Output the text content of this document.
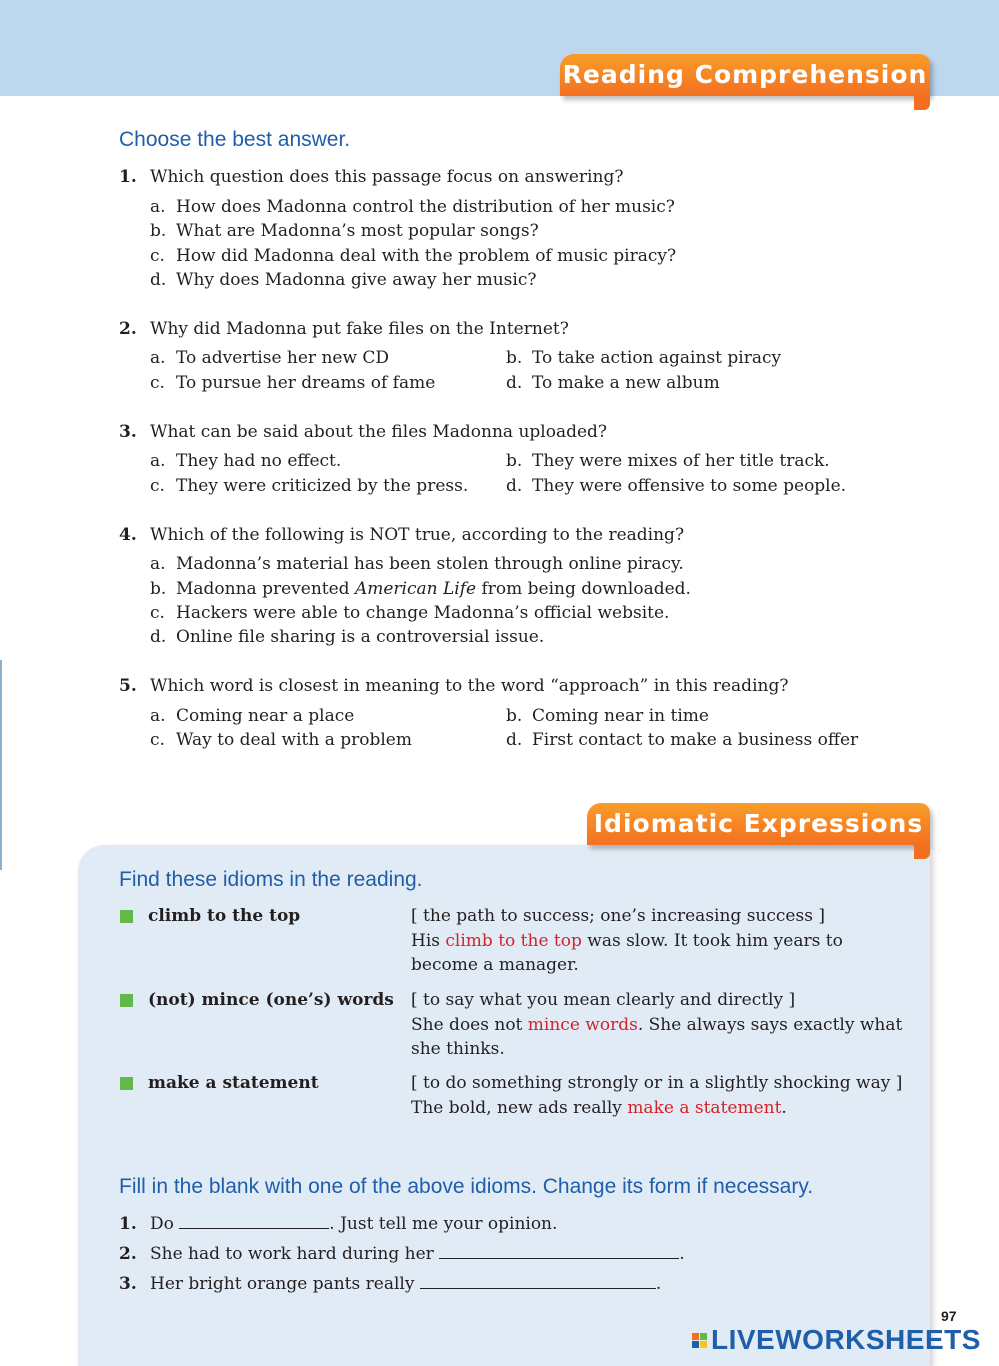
Reading Comprehension
Choose the best answer.
1. Which question does this passage focus on answering?
a. How does Madonna control the distribution of her music?
b. What are Madonna’s most popular songs?
c. How did Madonna deal with the problem of music piracy?
d. Why does Madonna give away her music?
2. Why did Madonna put fake files on the Internet?
a. To advertise her new CD	b. To take action against piracy
c. To pursue her dreams of fame	d. To make a new album
3. What can be said about the files Madonna uploaded?
a. They had no effect.	b. They were mixes of her title track.
c. They were criticized by the press. d. They were offensive to some people.
4. Which of the following is NOT true, according to the reading?
a. Madonna’s material has been stolen through online piracy.
b. Madonna prevented American Life from being downloaded.
c. Hackers were able to change Madonna’s official website.
d. Online file sharing is a controversial issue.
5. Which word is closest in meaning to the word “approach” in this reading?
a. Coming near a place	b. Coming near in time
c. Way to deal with a problem	d. First contact to make a business offer
Idiomatic Expressions
Find these idioms in the reading.
climb to the top	[ the path to success; one’s increasing success ]
His climb to the top was slow. It took him years to become a manager.
(not) mince (one’s) words [ to say what you mean clearly and directly ]
She does not mince words. She always says exactly what she thinks.
make a statement	[ to do something strongly or in a slightly shocking way ]
The bold, new ads really make a statement.
Fill in the blank with one of the above idioms. Change its form if necessary.
1. Do	. Just tell me your opinion.
2. She had to work hard during her	.
3. Her bright orange pants really	.
97
LIVEWORKSHEETS
